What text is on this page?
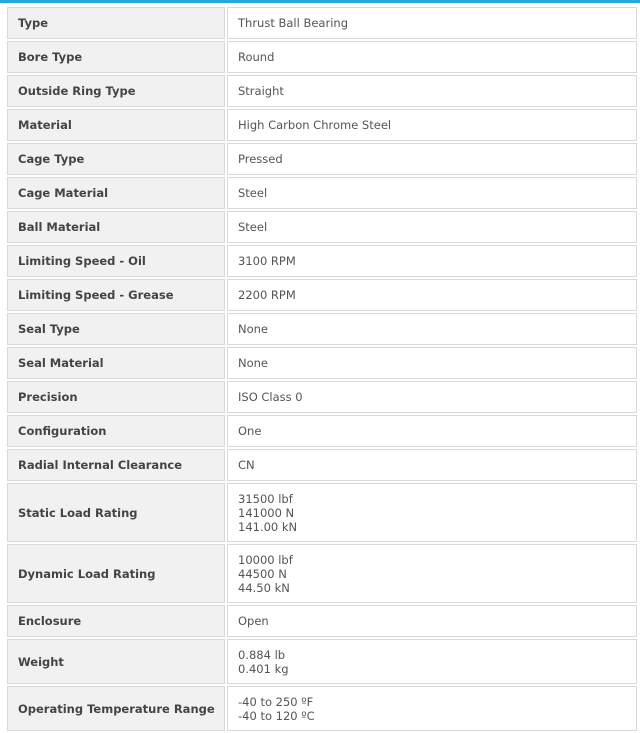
Type	Thrust Ball Bearing

Bore Type	Round

Outside Ring Type	Straight

Material	High Carbon Chrome Steel

Cage Type	Pressed

Cage Material	Steel

Ball Material	Steel

Limiting Speed - Oil	3100 RPM

Limiting Speed - Grease	2200 RPM

Seal Type	None

Seal Material	None

Precision	ISO Class 0

Configuration	One

Radial Internal Clearance	CN

Static Load Rating	31500 lbf
141000 N
141.00 kN

Dynamic Load Rating	10000 lbf
44500 N
44.50 kN

Enclosure	Open

Weight	0.884 lb
0.401 kg

Operating Temperature Range	-40 to 250 ºF
-40 to 120 ºC
